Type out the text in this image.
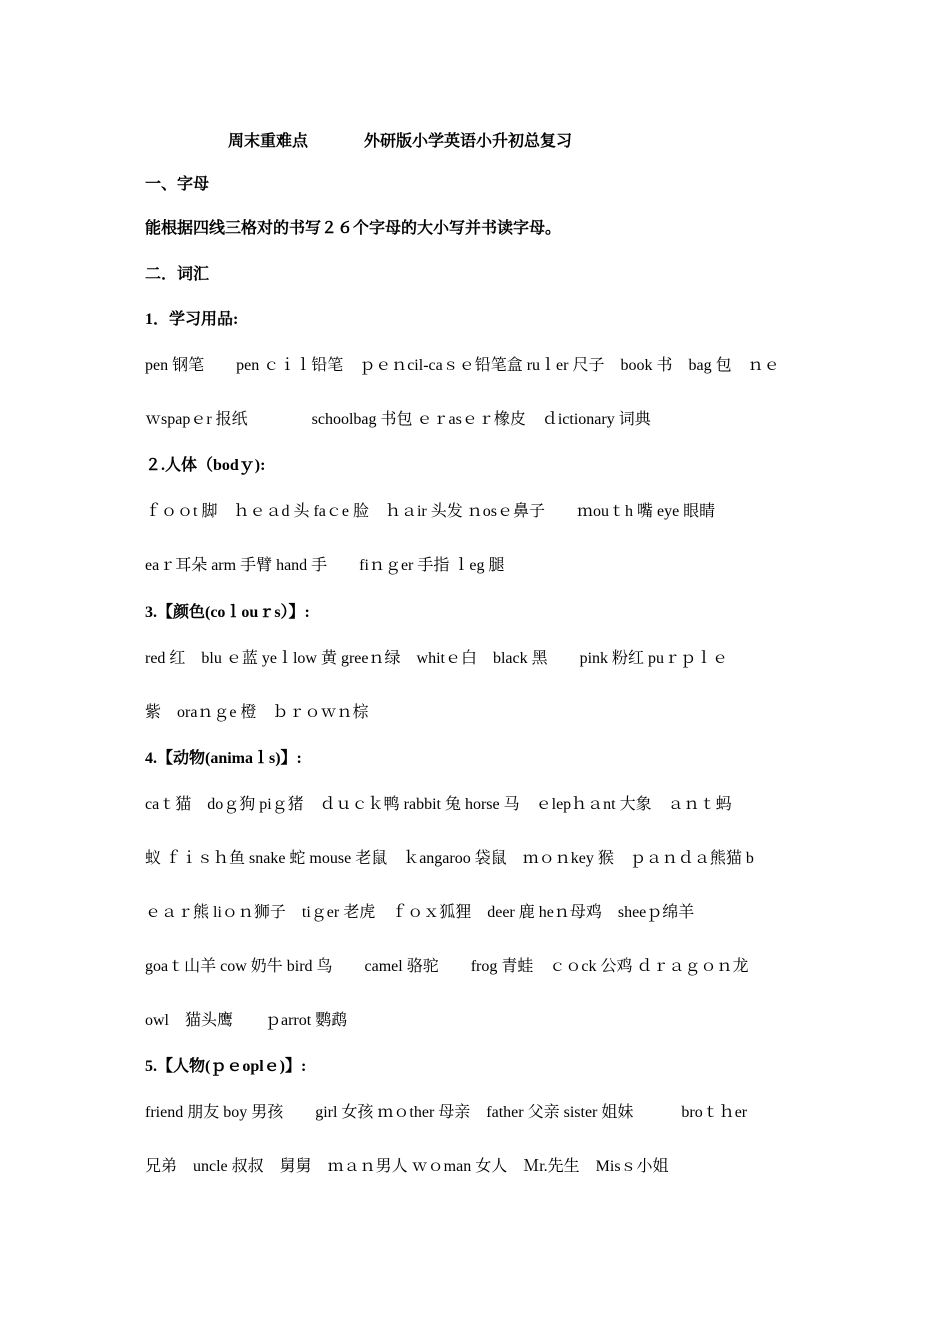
周末重难点	外研版小学英语小升初总复习
一、字母
能根据四线三格对的书写２６个字母的大小写并书读字母。
二．词汇
1．学习用品:
pen 钢笔　　pen ｃｉｌ铅笔　ｐｅｎcil-caｓｅ铅笔盒 ruｌer 尺子　book 书　bag 包　ｎｅ
ｗspapｅr 报纸　　　　schoolbag 书包 ｅｒasｅｒ橡皮　ｄictionary 词典
２.人体（bodｙ):
ｆｏｏt 脚　ｈｅａd 头 faｃe 脸　ｈａir 头发 ｎosｅ鼻子　　ｍouｔh 嘴 eye 眼睛
eaｒ耳朵 arm 手臂 hand 手　　fiｎｇer 手指 ｌeg 腿
3.【颜色(coｌouｒs）】:
red 红　blu ｅ蓝 yeｌlow 黄 greeｎ绿　whitｅ白　black 黑　　pink 粉红 puｒｐｌｅ
紫　oraｎｇe 橙　ｂｒｏｗｎ棕
4.【动物(animaｌs)】:
caｔ猫　doｇ狗 piｇ猪　ｄｕｃｋ鸭 rabbit 兔 horse 马　ｅlepｈａnt 大象　ａｎｔ蚂
蚁 ｆｉｓｈ鱼 snake 蛇 mouse 老鼠　ｋangaroo 袋鼠　ｍｏｎkey 猴　ｐａｎｄａ熊猫 b
ｅａｒ熊 liｏｎ狮子　tiｇer 老虎　ｆｏｘ狐狸　deer 鹿 heｎ母鸡　sheeｐ绵羊
goaｔ山羊 cow 奶牛 bird 鸟　　camel 骆驼　　frog 青蛙　ｃｏck 公鸡 ｄｒａｇｏｎ龙
owl　猫头鹰　　ｐarrot 鹦鹉
5.【人物(ｐｅoplｅ)】:
friend 朋友 boy 男孩　　girl 女孩 ｍｏther 母亲　father 父亲 sister 姐妹　　　broｔｈer
兄弟　uncle 叔叔　舅舅　ｍａｎ男人 ｗｏman 女人　Ｍr.先生　Misｓ小姐
